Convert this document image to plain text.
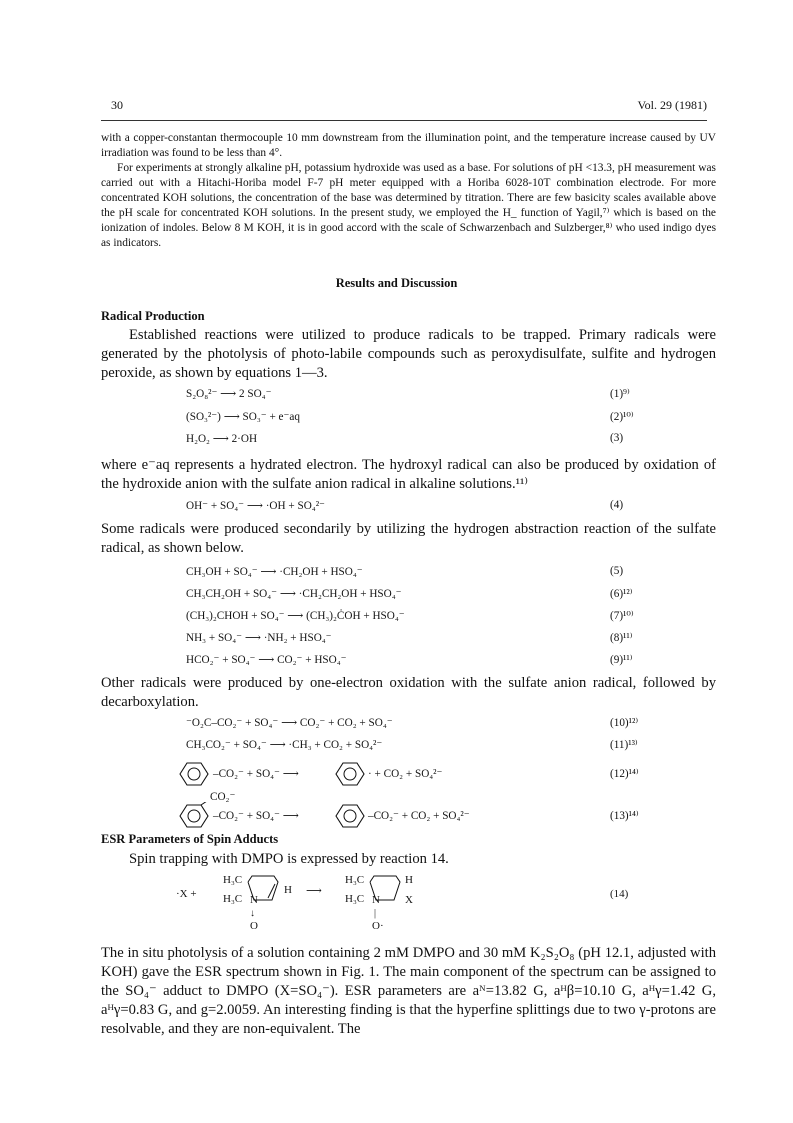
30	Vol. 29 (1981)

with a copper-constantan thermocouple 10 mm downstream from the illumination point, and the temperature increase caused by UV irradiation was found to be less than 4°.

For experiments at strongly alkaline pH, potassium hydroxide was used as a base. For solutions of pH <13.3, pH measurement was carried out with a Hitachi-Horiba model F-7 pH meter equipped with a Horiba 6028-10T combination electrode. For more concentrated KOH solutions, the concentration of the base was determined by titration. There are few basicity scales available above the pH scale for concentrated KOH solutions. In the present study, we employed the H_ function of Yagil,⁷⁾ which is based on the ionization of indoles. Below 8 M KOH, it is in good accord with the scale of Schwarzenbach and Sulzberger,⁸⁾ who used indigo dyes as indicators.

Results and Discussion
Radical Production

Established reactions were utilized to produce radicals to be trapped. Primary radicals were generated by the photolysis of photo-labile compounds such as peroxydisulfate, sulfite and hydrogen peroxide, as shown by equations 1—3.

S₂O₈²⁻ ⟶ 2 SO₄⁻	(1)⁹⁾
(SO₃²⁻) ⟶ SO₃⁻ + e⁻aq	(2)¹⁰⁾
H₂O₂ ⟶ 2·OH	(3)

where e⁻aq represents a hydrated electron. The hydroxyl radical can also be produced by oxidation of the hydroxide anion with the sulfate anion radical in alkaline solutions.¹¹⁾

OH⁻ + SO₄⁻ ⟶ ·OH + SO₄²⁻	(4)

Some radicals were produced secondarily by utilizing the hydrogen abstraction reaction of the sulfate radical, as shown below.

CH₃OH + SO₄⁻ ⟶ ·CH₂OH + HSO₄⁻	(5)
CH₃CH₂OH + SO₄⁻ ⟶ ·CH₂CH₂OH + HSO₄⁻	(6)¹²⁾
(CH₃)₂CHOH + SO₄⁻ ⟶ (CH₃)₂ĊOH + HSO₄⁻	(7)¹⁰⁾
NH₃ + SO₄⁻ ⟶ ·NH₂ + HSO₄⁻	(8)¹¹⁾
HCO₂⁻ + SO₄⁻ ⟶ CO₂⁻ + HSO₄⁻	(9)¹¹⁾

Other radicals were produced by one-electron oxidation with the sulfate anion radical, followed by decarboxylation.

⁻O₂C–CO₂⁻ + SO₄⁻ ⟶ CO₂⁻ + CO₂ + SO₄⁻	(10)¹²⁾
CH₃CO₂⁻ + SO₄⁻ ⟶ ·CH₃ + CO₂ + SO₄²⁻	(11)¹³⁾
–CO₂⁻ + SO₄⁻ ⟶	· + CO₂ + SO₄²⁻	(12)¹⁴⁾
CO₂⁻
–CO₂⁻ + SO₄⁻ ⟶	–CO₂⁻ + CO₂ + SO₄²⁻	(13)¹⁴⁾
ESR Parameters of Spin Adducts

Spin trapping with DMPO is expressed by reaction 14.

·X +
H₃C
H₃C N
H
↓
O
⟶
H₃C
H₃C N
H
X
|
O·
(14)

The in situ photolysis of a solution containing 2 mM DMPO and 30 mM K₂S₂O₈ (pH 12.1, adjusted with KOH) gave the ESR spectrum shown in Fig. 1. The main component of the spectrum can be assigned to the SO₄⁻ adduct to DMPO (X=SO₄⁻). ESR parameters are aᴺ=13.82 G, aᴴβ=10.10 G, aᴴγ=1.42 G, aᴴγ=0.83 G, and g=2.0059. An interesting finding is that the hyperfine splittings due to two γ-protons are resolvable, and they are non-equivalent. The
